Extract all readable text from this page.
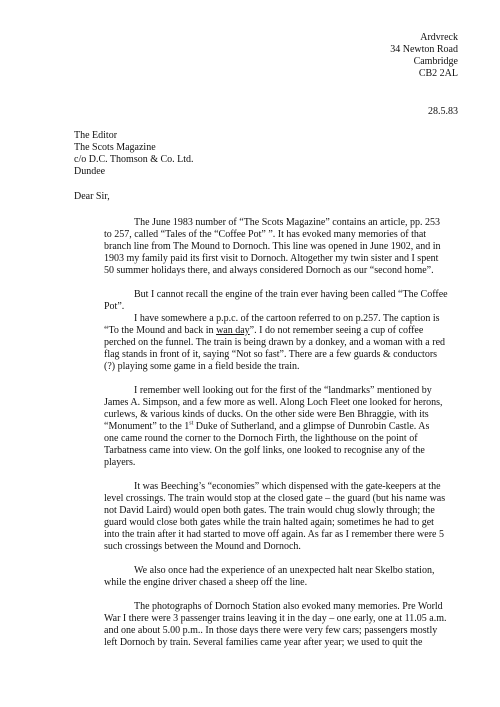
Ardvreck
34 Newton Road
Cambridge
CB2 2AL
28.5.83
The Editor
The Scots Magazine
c/o D.C. Thomson & Co. Ltd.
Dundee
Dear Sir,

The June 1983 number of “The Scots Magazine” contains an article, pp. 253
to 257, called “Tales of the “Coffee Pot” ”. It has evoked many memories of that
branch line from The Mound to Dornoch. This line was opened in June 1902, and in
1903 my family paid its first visit to Dornoch. Altogether my twin sister and I spent
50 summer holidays there, and always considered Dornoch as our “second home”.

But I cannot recall the engine of the train ever having been called “The Coffee
Pot”.

I have somewhere a p.p.c. of the cartoon referred to on p.257. The caption is
“To the Mound and back in wan day”. I do not remember seeing a cup of coffee
perched on the funnel. The train is being drawn by a donkey, and a woman with a red
flag stands in front of it, saying “Not so fast”. There are a few guards & conductors
(?) playing some game in a field beside the train.

I remember well looking out for the first of the “landmarks” mentioned by
James A. Simpson, and a few more as well. Along Loch Fleet one looked for herons,
curlews, & various kinds of ducks. On the other side were Ben Bhraggie, with its
“Monument” to the 1st Duke of Sutherland, and a glimpse of Dunrobin Castle. As
one came round the corner to the Dornoch Firth, the lighthouse on the point of
Tarbatness came into view. On the golf links, one looked to recognise any of the
players.

It was Beeching’s “economies” which dispensed with the gate-keepers at the
level crossings. The train would stop at the closed gate – the guard (but his name was
not David Laird) would open both gates. The train would chug slowly through; the
guard would close both gates while the train halted again; sometimes he had to get
into the train after it had started to move off again. As far as I remember there were 5
such crossings between the Mound and Dornoch.

We also once had the experience of an unexpected halt near Skelbo station,
while the engine driver chased a sheep off the line.

The photographs of Dornoch Station also evoked many memories. Pre World
War I there were 3 passenger trains leaving it in the day – one early, one at 11.05 a.m.
and one about 5.00 p.m.. In those days there were very few cars; passengers mostly
left Dornoch by train. Several families came year after year; we used to quit the
